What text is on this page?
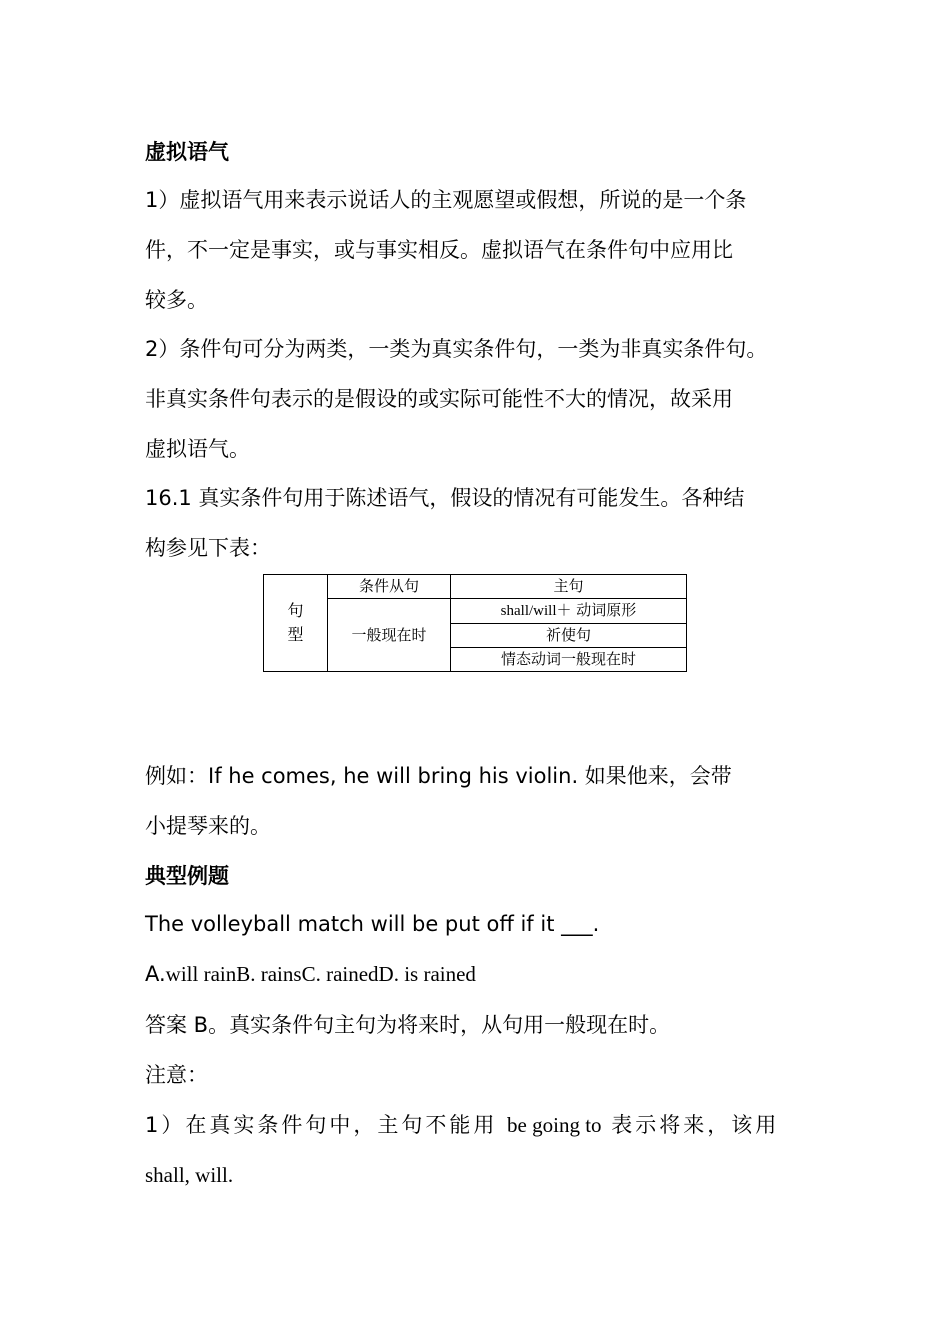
虚拟语气
1）虚拟语气用来表示说话人的主观愿望或假想，所说的是一个条
件，不一定是事实，或与事实相反。虚拟语气在条件句中应用比
较多。
2）条件句可分为两类，一类为真实条件句，一类为非真实条件句。
非真实条件句表示的是假设的或实际可能性不大的情况，故采用
虚拟语气。
16.1 真实条件句用于陈述语气，假设的情况有可能发生。各种结
构参见下表：
句
型	条件从句	主句
	一般现在时	shall/will＋ 动词原形
		祈使句
		情态动词一般现在时
例如：If he comes, he will bring his violin. 如果他来，会带
小提琴来的。
典型例题
The volleyball match will be put off if it ___.
A.will rainB. rainsC. rainedD. is rained
答案 B。真实条件句主句为将来时，从句用一般现在时。
注意：
1）在真实条件句中，主句不能用 be going to 表示将来，该用
shall, will.
